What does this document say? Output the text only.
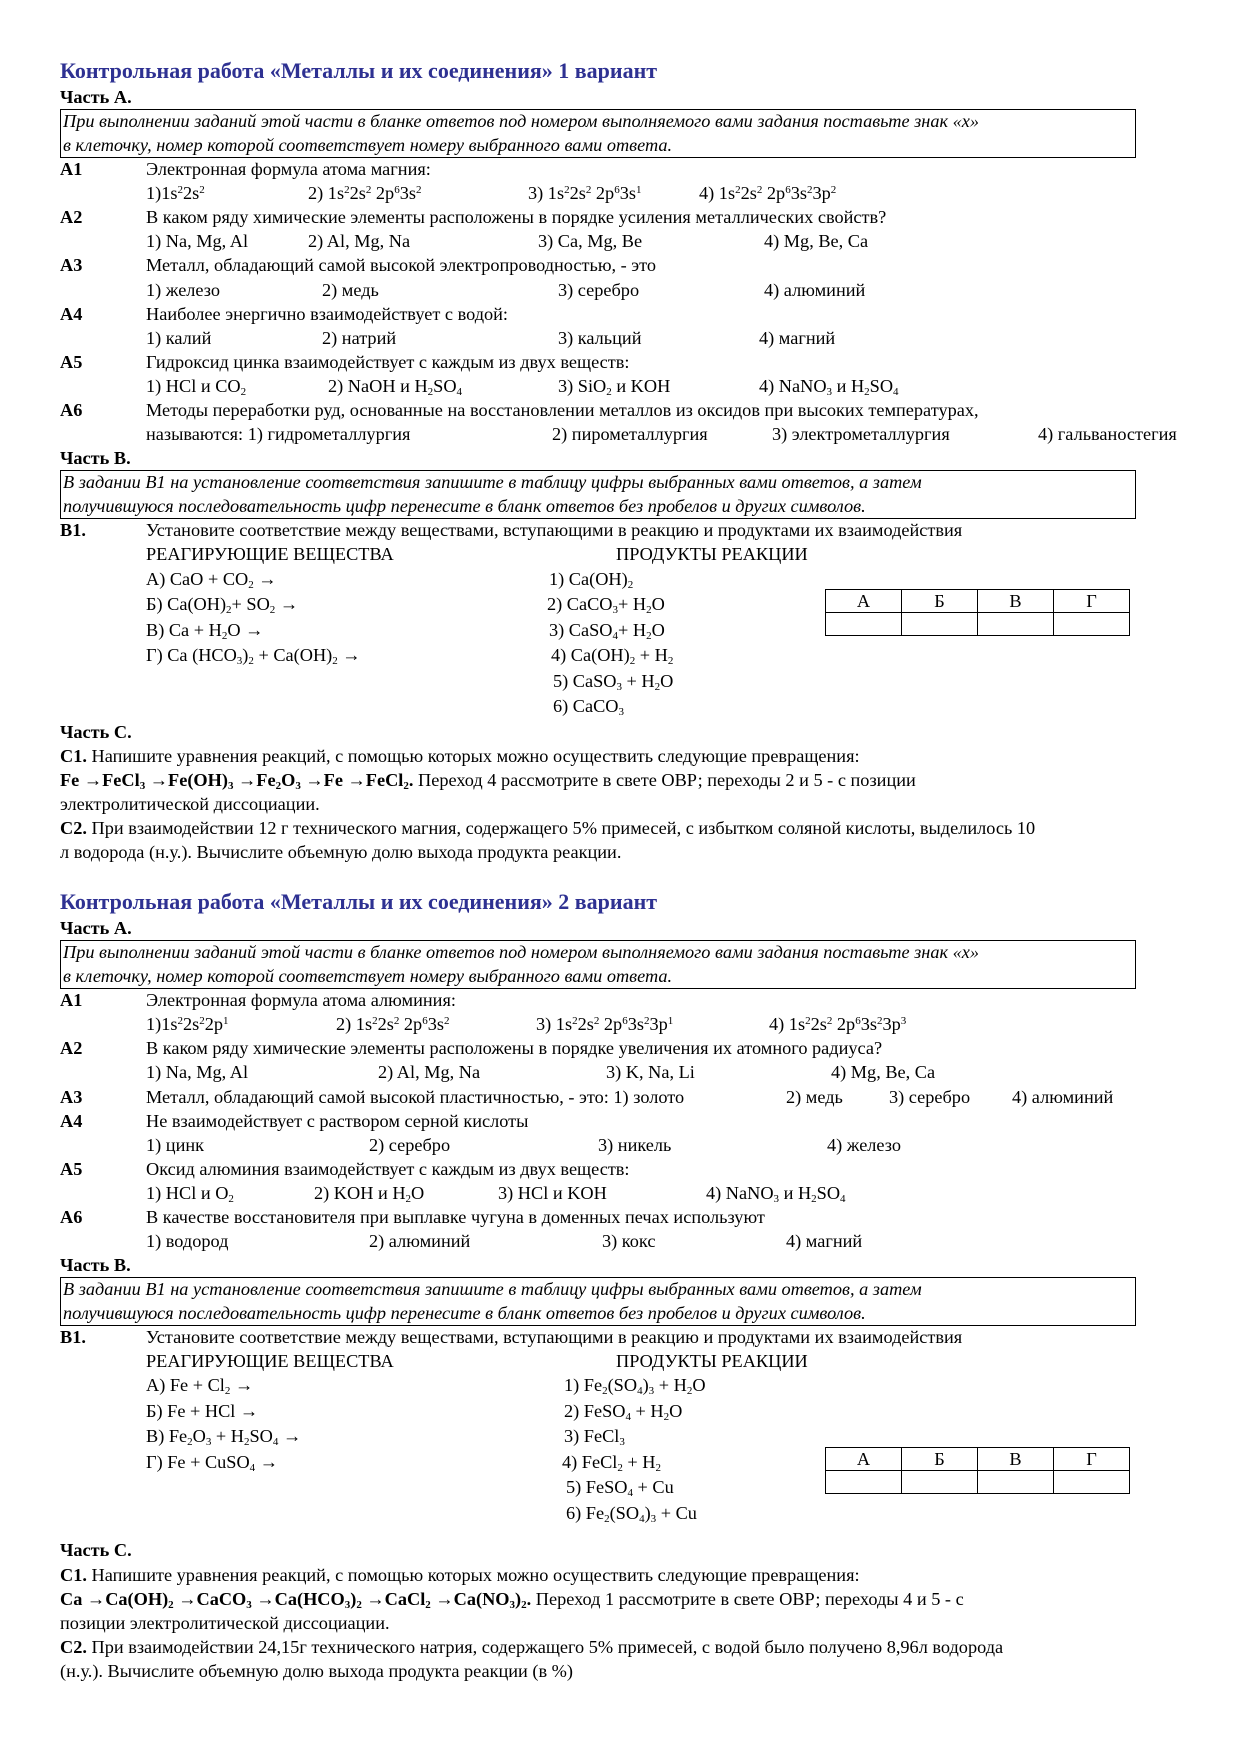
Контрольная работа «Металлы и их соединения» 1 вариант
Часть А.
При выполнении заданий этой части в бланке ответов под номером выполняемого вами задания поставьте знак «х»
в клеточку, номер которой соответствует номеру выбранного вами ответа.
А1	Электронная формула атома магния:
$1)1s^22s^2$	2) $1s^22s^2$ $2p^63s^2$	3) $1s^22s^2$ $2p^63s^1$	4) $1s^22s^2$ $2p^63s^23p^2$
А2	В каком ряду химические элементы расположены в порядке усиления металлических свойств?
1) Na, Mg, Al	2) Al, Mg, Na	3) Ca, Mg, Be	4) Mg, Be, Ca
А3	Металл, обладающий самой высокой электропроводностью, - это
1) железо	2) медь	3) серебро	4) алюминий
А4	Наиболее энергично взаимодействует с водой:
1) калий	2) натрий	3) кальций	4) магний
А5	Гидроксид цинка взаимодействует с каждым из двух веществ:
1) HCl и $CO_2$	2) NaOH и $H_2SO_4$	3) SiO$_2$ и KOH	4) NaNO$_3$ и $H_2SO_4$
А6	Методы переработки руд, основанные на восстановлении металлов из оксидов при высоких температурах,
называются: 1) гидрометаллургия	2) пирометаллургия	3) электрометаллургия	4) гальваностегия
Часть В.
В задании В1 на установление соответствия запишите в таблицу цифры выбранных вами ответов, а затем
получившуюся последовательность цифр перенесите в бланк ответов без пробелов и других символов.
В1.	Установите соответствие между веществами, вступающими в реакцию и продуктами их взаимодействия
РЕАГИРУЮЩИЕ ВЕЩЕСТВА	ПРОДУКТЫ РЕАКЦИИ
А) CaO + $CO_2$ →	1) $Ca(OH)_2$
Б) $Ca(OH)_2+ SO_2$ →	2) CaCO$_3$+ $H_2O$
В) $Ca + H_2O$ →	3) CaSO$_4$+ $H_2O$
Г) Ca $(HCO_3)_2 + Ca(OH)_2$ →	4) $Ca(OH)_2 + H_2$
5) CaSO$_3$ + $H_2O$
6) CaCO$_3$
А	Б	В	Г

Часть С.
С1. Напишите уравнения реакций, с помощью которых можно осуществить следующие превращения:
Fe →FeCl$_3$ $\to Fe(OH)_3 \to Fe_2O_3 \to Fe$ →FeCl$_2$. Переход 4 рассмотрите в свете ОВР; переходы 2 и 5 - с позиции
электролитической диссоциации.
С2. При взаимодействии 12 г технического магния, содержащего 5% примесей, с избытком соляной кислоты, выделилось 10
л водорода (н.у.). Вычислите объемную долю выхода продукта реакции.
Контрольная работа «Металлы и их соединения» 2 вариант
Часть А.
При выполнении заданий этой части в бланке ответов под номером выполняемого вами задания поставьте знак «х»
в клеточку, номер которой соответствует номеру выбранного вами ответа.
А1	Электронная формула атома алюминия:
$1)1s^22s^22p^1$	2) $1s^22s^2$ $2p^63s^2$	3) $1s^22s^2$ $2p^63s^23p^1$	4) $1s^22s^2$ $2p^63s^23p^3$
А2	В каком ряду химические элементы расположены в порядке увеличения их атомного радиуса?
1) Na, Mg, Al	2) Al, Mg, Na	3) K, Na, Li	4) Mg, Be, Ca
А3	Металл, обладающий самой высокой пластичностью, - это: 1) золото	2) медь	3) серебро 4) алюминий
А4	Не взаимодействует с раствором серной кислоты
1) цинк	2) серебро	3) никель	4) железо
А5	Оксид алюминия взаимодействует с каждым из двух веществ:
1) HCl и $O_2$	2) KOH и $H_2O$	3) HCl и KOH	4) NaNO$_3$ и $H_2SO_4$
А6	В качестве восстановителя при выплавке чугуна в доменных печах используют
1) водород	2) алюминий	3) кокс	4) магний
Часть В.
В задании В1 на установление соответствия запишите в таблицу цифры выбранных вами ответов, а затем
получившуюся последовательность цифр перенесите в бланк ответов без пробелов и других символов.
В1.	Установите соответствие между веществами, вступающими в реакцию и продуктами их взаимодействия
РЕАГИРУЮЩИЕ ВЕЩЕСТВА	ПРОДУКТЫ РЕАКЦИИ
А) $Fe + Cl_2$ →	1) $Fe_2(SO_4)_3 + H_2O$
Б) Fe + HCl →	2) FeSO$_4$ + $H_2O$
В) $Fe_2O_3 + H_2SO_4$ →	3) FeCl$_3$
Г) Fe + CuSO$_4$ →	4) FeCl$_2$ + $H_2$
5) FeSO$_4$ + Cu
6) $Fe_2(SO_4)_3 + Cu$
А	Б	В	Г

Часть С.
С1. Напишите уравнения реакций, с помощью которых можно осуществить следующие превращения:
$Ca \to Ca(OH)_2$ →CaCO$_3$ $\to Ca(HCO_3)_2$ →CaCl$_2$ $\to Ca(NO_3)_2$. Переход 1 рассмотрите в свете ОВР; переходы 4 и 5 - с
позиции электролитической диссоциации.
С2. При взаимодействии 24,15г технического натрия, содержащего 5% примесей, с водой было получено 8,96л водорода
(н.у.). Вычислите объемную долю выхода продукта реакции (в %)
